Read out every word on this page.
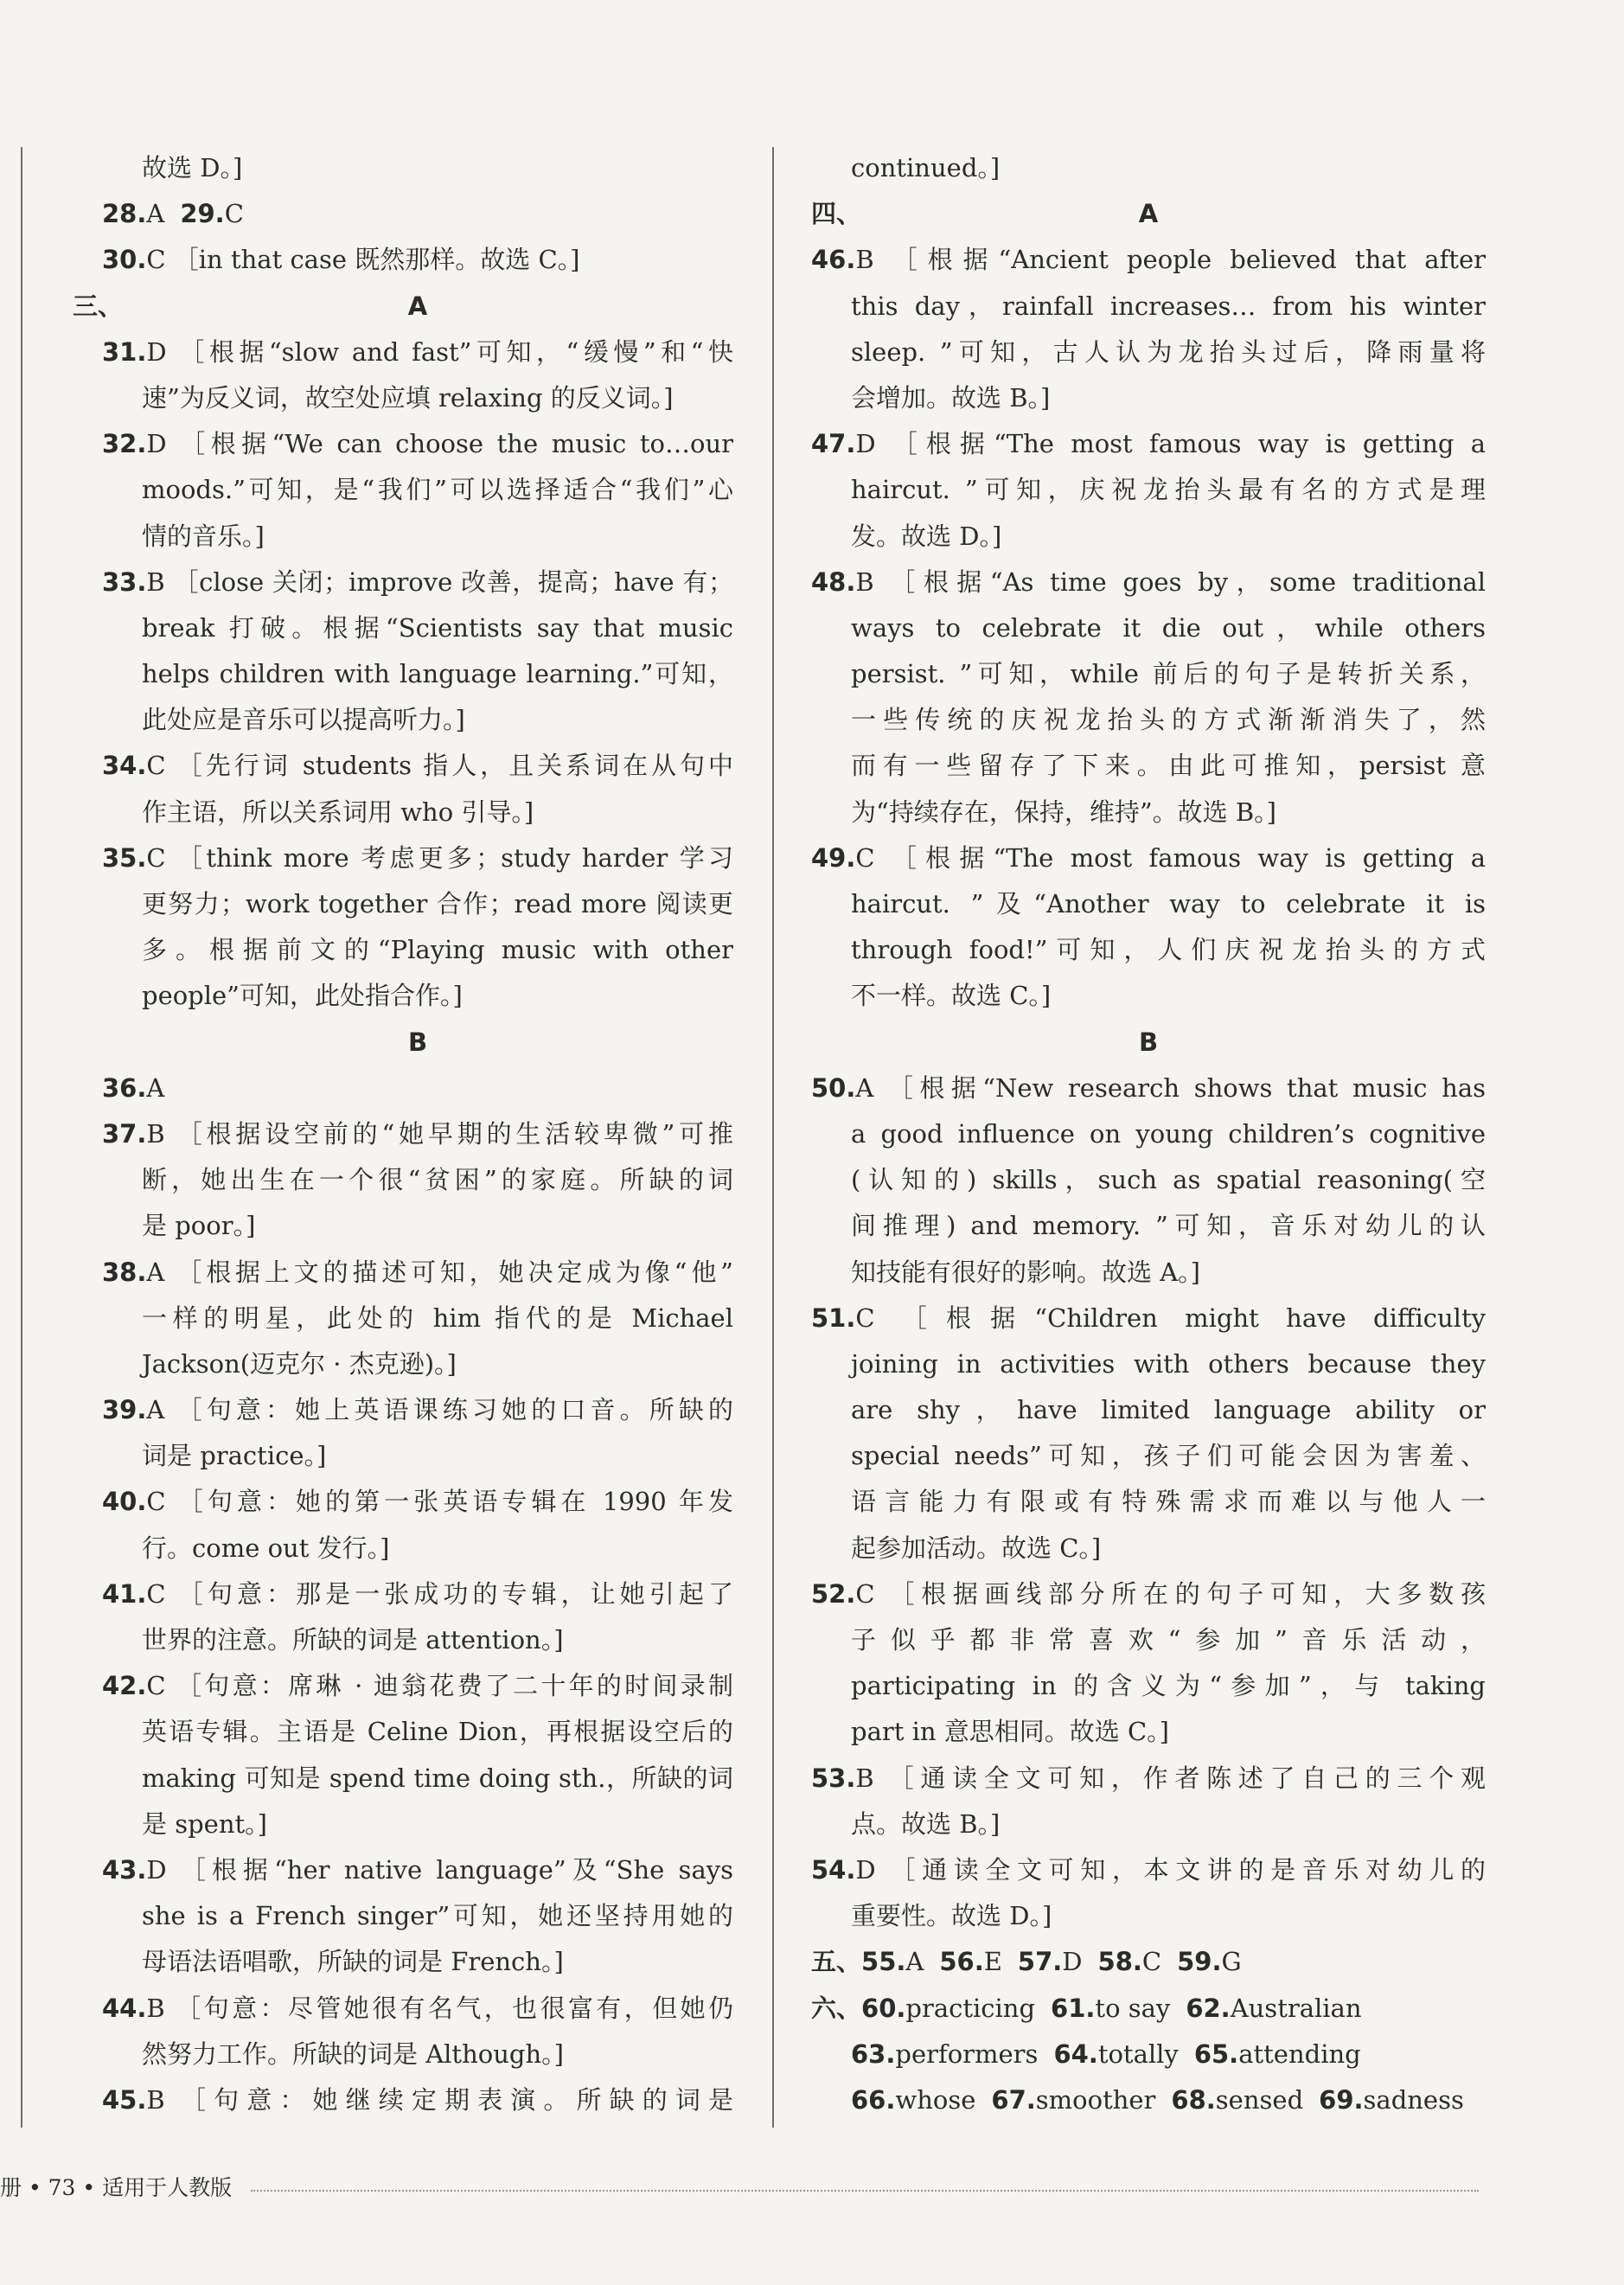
故选 D。]
28.A 29.C
30.C ［in that case 既然那样。故选 C。]
三、	A
31.D ［根据“slow and fast”可知，“缓慢”和“快
速”为反义词，故空处应填 relaxing 的反义词。]
32.D ［根据“We can choose the music to…our
moods.”可知，是“我们”可以选择适合“我们”心
情的音乐。]
33.B ［close 关闭；improve 改善，提高；have 有；
break 打破。根据“Scientists say that music
helps children with language learning.”可知，
此处应是音乐可以提高听力。]
34.C ［先行词 students 指人，且关系词在从句中
作主语，所以关系词用 who 引导。]
35.C ［think more 考虑更多；study harder 学习
更努力；work together 合作；read more 阅读更
多。根据前文的“Playing music with other
people”可知，此处指合作。]
B
36.A
37.B ［根据设空前的“她早期的生活较卑微”可推
断，她出生在一个很“贫困”的家庭。所缺的词
是 poor。]
38.A ［根据上文的描述可知，她决定成为像“他”
一样的明星，此处的 him 指代的是 Michael
Jackson(迈克尔 · 杰克逊)。]
39.A ［句意：她上英语课练习她的口音。所缺的
词是 practice。]
40.C ［句意：她的第一张英语专辑在 1990 年发
行。come out 发行。]
41.C ［句意：那是一张成功的专辑，让她引起了
世界的注意。所缺的词是 attention。]
42.C ［句意：席琳 · 迪翁花费了二十年的时间录制
英语专辑。主语是 Celine Dion，再根据设空后的
making 可知是 spend time doing sth.，所缺的词
是 spent。]
43.D ［根据“her native language”及“She says
she is a French singer”可知，她还坚持用她的
母语法语唱歌，所缺的词是 French。]
44.B ［句意：尽管她很有名气，也很富有，但她仍
然努力工作。所缺的词是 Although。]
45.B ［句意：她继续定期表演。所缺的词是
continued。]
四、	A
46.B ［根据“Ancient people believed that after
this day，rainfall increases… from his winter
sleep. ”可知，古人认为龙抬头过后，降雨量将
会增加。故选 B。]
47.D ［根据“The most famous way is getting a
haircut. ”可知，庆祝龙抬头最有名的方式是理
发。故选 D。]
48.B ［根据“As time goes by，some traditional
ways to celebrate it die out，while others
persist. ”可知，while 前后的句子是转折关系，
一些传统的庆祝龙抬头的方式渐渐消失了，然
而有一些留存了下来。由此可推知，persist 意
为“持续存在，保持，维持”。故选 B。]
49.C ［根据“The most famous way is getting a
haircut. ”及“Another way to celebrate it is
through food!”可知，人们庆祝龙抬头的方式
不一样。故选 C。]
B
50.A ［根据“New research shows that music has
a good influence on young children’s cognitive
(认知的) skills，such as spatial reasoning(空
间推理) and memory. ”可知，音乐对幼儿的认
知技能有很好的影响。故选 A。]
51.C ［根据“Children might have difficulty
joining in activities with others because they
are shy，have limited language ability or
special needs”可知，孩子们可能会因为害羞、
语言能力有限或有特殊需求而难以与他人一
起参加活动。故选 C。]
52.C ［根据画线部分所在的句子可知，大多数孩
子似乎都非常喜欢“参加”音乐活动，
participating in 的含义为“参加”，与 taking
part in 意思相同。故选 C。]
53.B ［通读全文可知，作者陈述了自己的三个观
点。故选 B。]
54.D ［通读全文可知，本文讲的是音乐对幼儿的
重要性。故选 D。]
五、55.A 56.E 57.D 58.C 59.G
六、60.practicing 61.to say 62.Australian
63.performers 64.totally 65.attending
66.whose 67.smoother 68.sensed 69.sadness
册 • 73 • 适用于人教版
